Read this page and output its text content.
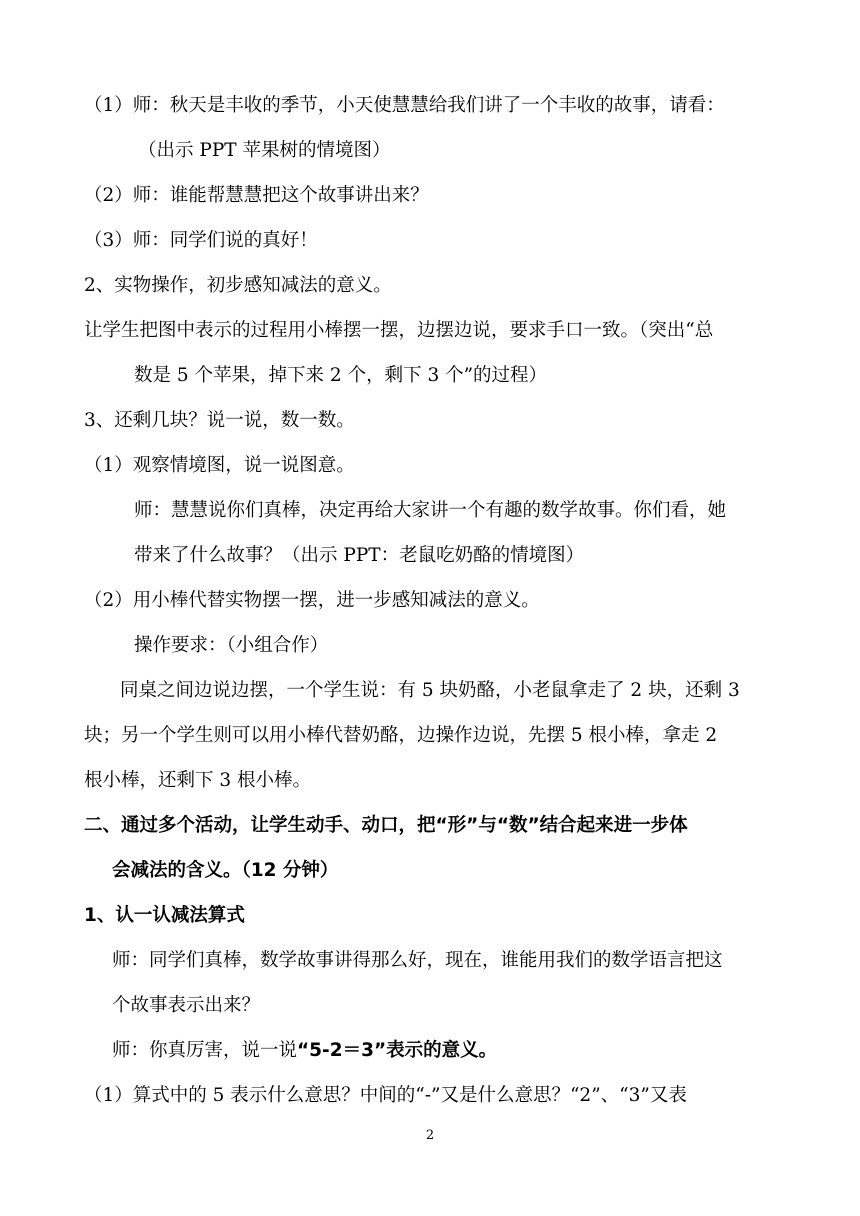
（1）师：秋天是丰收的季节，小天使慧慧给我们讲了一个丰收的故事，请看：
（出示 PPT 苹果树的情境图）
（2）师：谁能帮慧慧把这个故事讲出来？
（3）师：同学们说的真好！
2、实物操作，初步感知减法的意义。
让学生把图中表示的过程用小棒摆一摆，边摆边说，要求手口一致。（突出“总
数是 5 个苹果，掉下来 2 个，剩下 3 个”的过程）
3、还剩几块？说一说，数一数。
（1）观察情境图，说一说图意。
师：慧慧说你们真棒，决定再给大家讲一个有趣的数学故事。你们看，她
带来了什么故事？（出示 PPT：老鼠吃奶酪的情境图）
（2）用小棒代替实物摆一摆，进一步感知减法的意义。
操作要求：（小组合作）
同桌之间边说边摆，一个学生说：有 5 块奶酪，小老鼠拿走了 2 块，还剩 3
块；另一个学生则可以用小棒代替奶酪，边操作边说，先摆 5 根小棒，拿走 2
根小棒，还剩下 3 根小棒。
二、通过多个活动，让学生动手、动口，把“形”与“数”结合起来进一步体
会减法的含义。（12 分钟）
1、认一认减法算式
师：同学们真棒，数学故事讲得那么好，现在，谁能用我们的数学语言把这
个故事表示出来？
师：你真厉害，说一说“5-2＝3”表示的意义。
（1）算式中的 5 表示什么意思？中间的“-”又是什么意思？“2”、“3”又表
2
